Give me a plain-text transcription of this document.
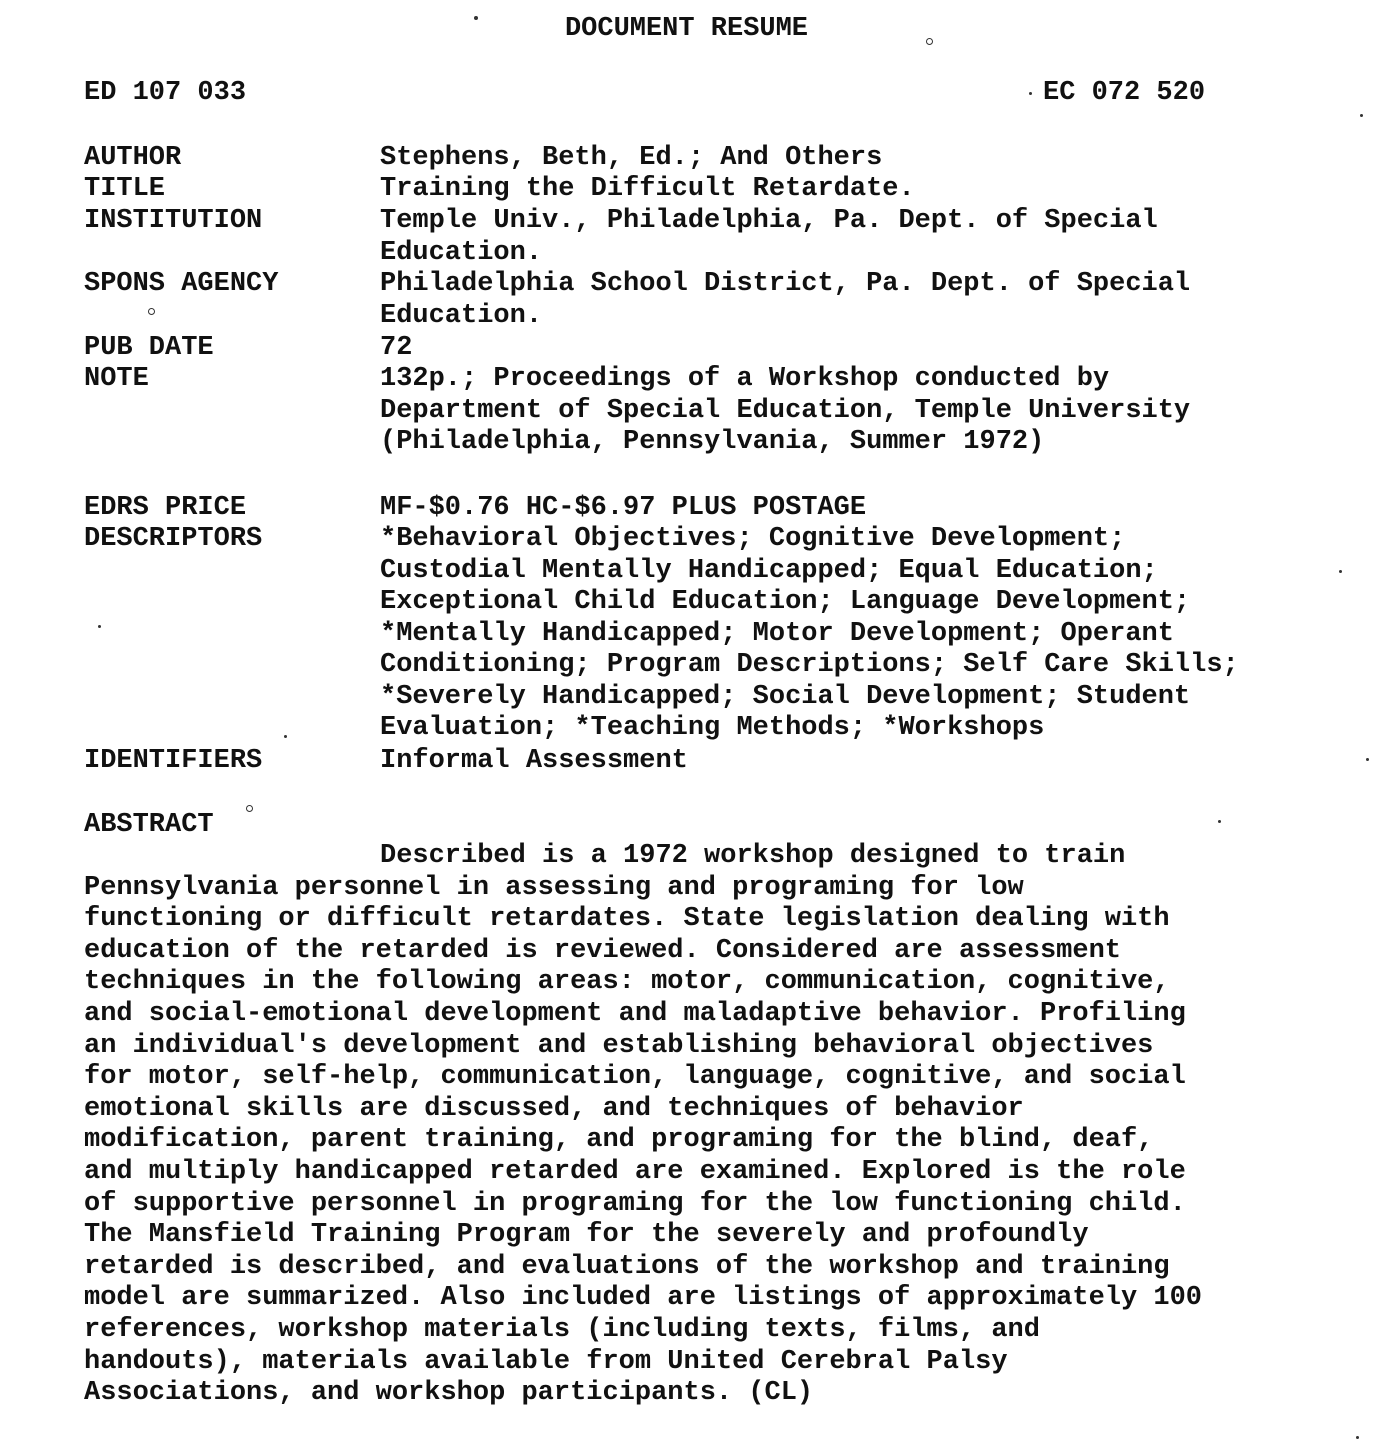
DOCUMENT RESUME
ED 107 033	EC 072 520
AUTHOR	Stephens, Beth, Ed.; And Others
TITLE	Training the Difficult Retardate.
INSTITUTION	Temple Univ., Philadelphia, Pa. Dept. of Special
Education.
SPONS AGENCY	Philadelphia School District, Pa. Dept. of Special
Education.
PUB DATE	72
NOTE	132p.; Proceedings of a Workshop conducted by
Department of Special Education, Temple University
(Philadelphia, Pennsylvania, Summer 1972)
EDRS PRICE	MF-$0.76 HC-$6.97 PLUS POSTAGE
DESCRIPTORS	*Behavioral Objectives; Cognitive Development;
Custodial Mentally Handicapped; Equal Education;
Exceptional Child Education; Language Development;
*Mentally Handicapped; Motor Development; Operant
Conditioning; Program Descriptions; Self Care Skills;
*Severely Handicapped; Social Development; Student
Evaluation; *Teaching Methods; *Workshops
IDENTIFIERS	Informal Assessment
ABSTRACT
Described is a 1972 workshop designed to train
Pennsylvania personnel in assessing and programing for low
functioning or difficult retardates. State legislation dealing with
education of the retarded is reviewed. Considered are assessment
techniques in the following areas: motor, communication, cognitive,
and social-emotional development and maladaptive behavior. Profiling
an individual's development and establishing behavioral objectives
for motor, self-help, communication, language, cognitive, and social
emotional skills are discussed, and techniques of behavior
modification, parent training, and programing for the blind, deaf,
and multiply handicapped retarded are examined. Explored is the role
of supportive personnel in programing for the low functioning child.
The Mansfield Training Program for the severely and profoundly
retarded is described, and evaluations of the workshop and training
model are summarized. Also included are listings of approximately 100
references, workshop materials (including texts, films, and
handouts), materials available from United Cerebral Palsy
Associations, and workshop participants. (CL)
